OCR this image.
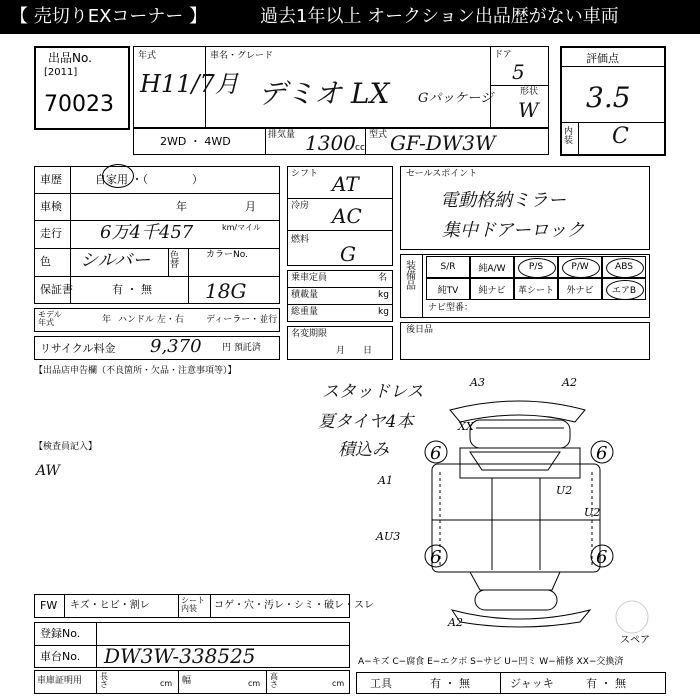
【 売切りEXコーナー 】	過去1年以上 オークション出品歴がない車両
出品No.
[2011]
70023
年式
H11/7月
車名・グレード
デミオ LX Gパッケージ
ドア
5
形状
W
2WD ・ 4WD	排気量 1300 cc
型式 GF-DW3W
評価点
3.5
内装 C
車歴	自家用 ・（　　　　）
車検	年	月
走行 6万4千457	km/マイル
色 シルバー 色替
カラーNo.
保証書	有 ・ 無	18G
モデル年式	年 ハンドル 左・右 ディーラー・並行
リサイクル料金 9,370 円 預託済
シフト AT
冷房 AC
燃料
G
乗車定員	名
積載量	kg
総重量	kg
名変期限
月日
セールスポイント
電動格納ミラー
集中ドアーロック
装備品
S/R	純A/W	P/S	P/W	ABS
純TV	純ナビ	革シート	外ナビ	エアB
ナビ型番：
後日品
【出品店申告欄（不良箇所・欠品・注意事項等）】
スタッドレス
夏タイヤ4本
積込み
【検査員記入】
AW
A3	A2
XX
A1
AU3
U2
U2
A2
6	6
6	6
スペア
FW キズ・ヒビ・割レ	シート内装	コゲ・穴・汚レ・シミ・破レ・スレ
登録No.
車台No. DW3W-338525
車庫証明用 長さ	cm 幅	cm
高さ	cm
A−キズ C−腐食 E−エクボ S−サビ U−凹ミ W−補修 XX−交換済
工具	有 ・ 無	ジャッキ	有 ・ 無
